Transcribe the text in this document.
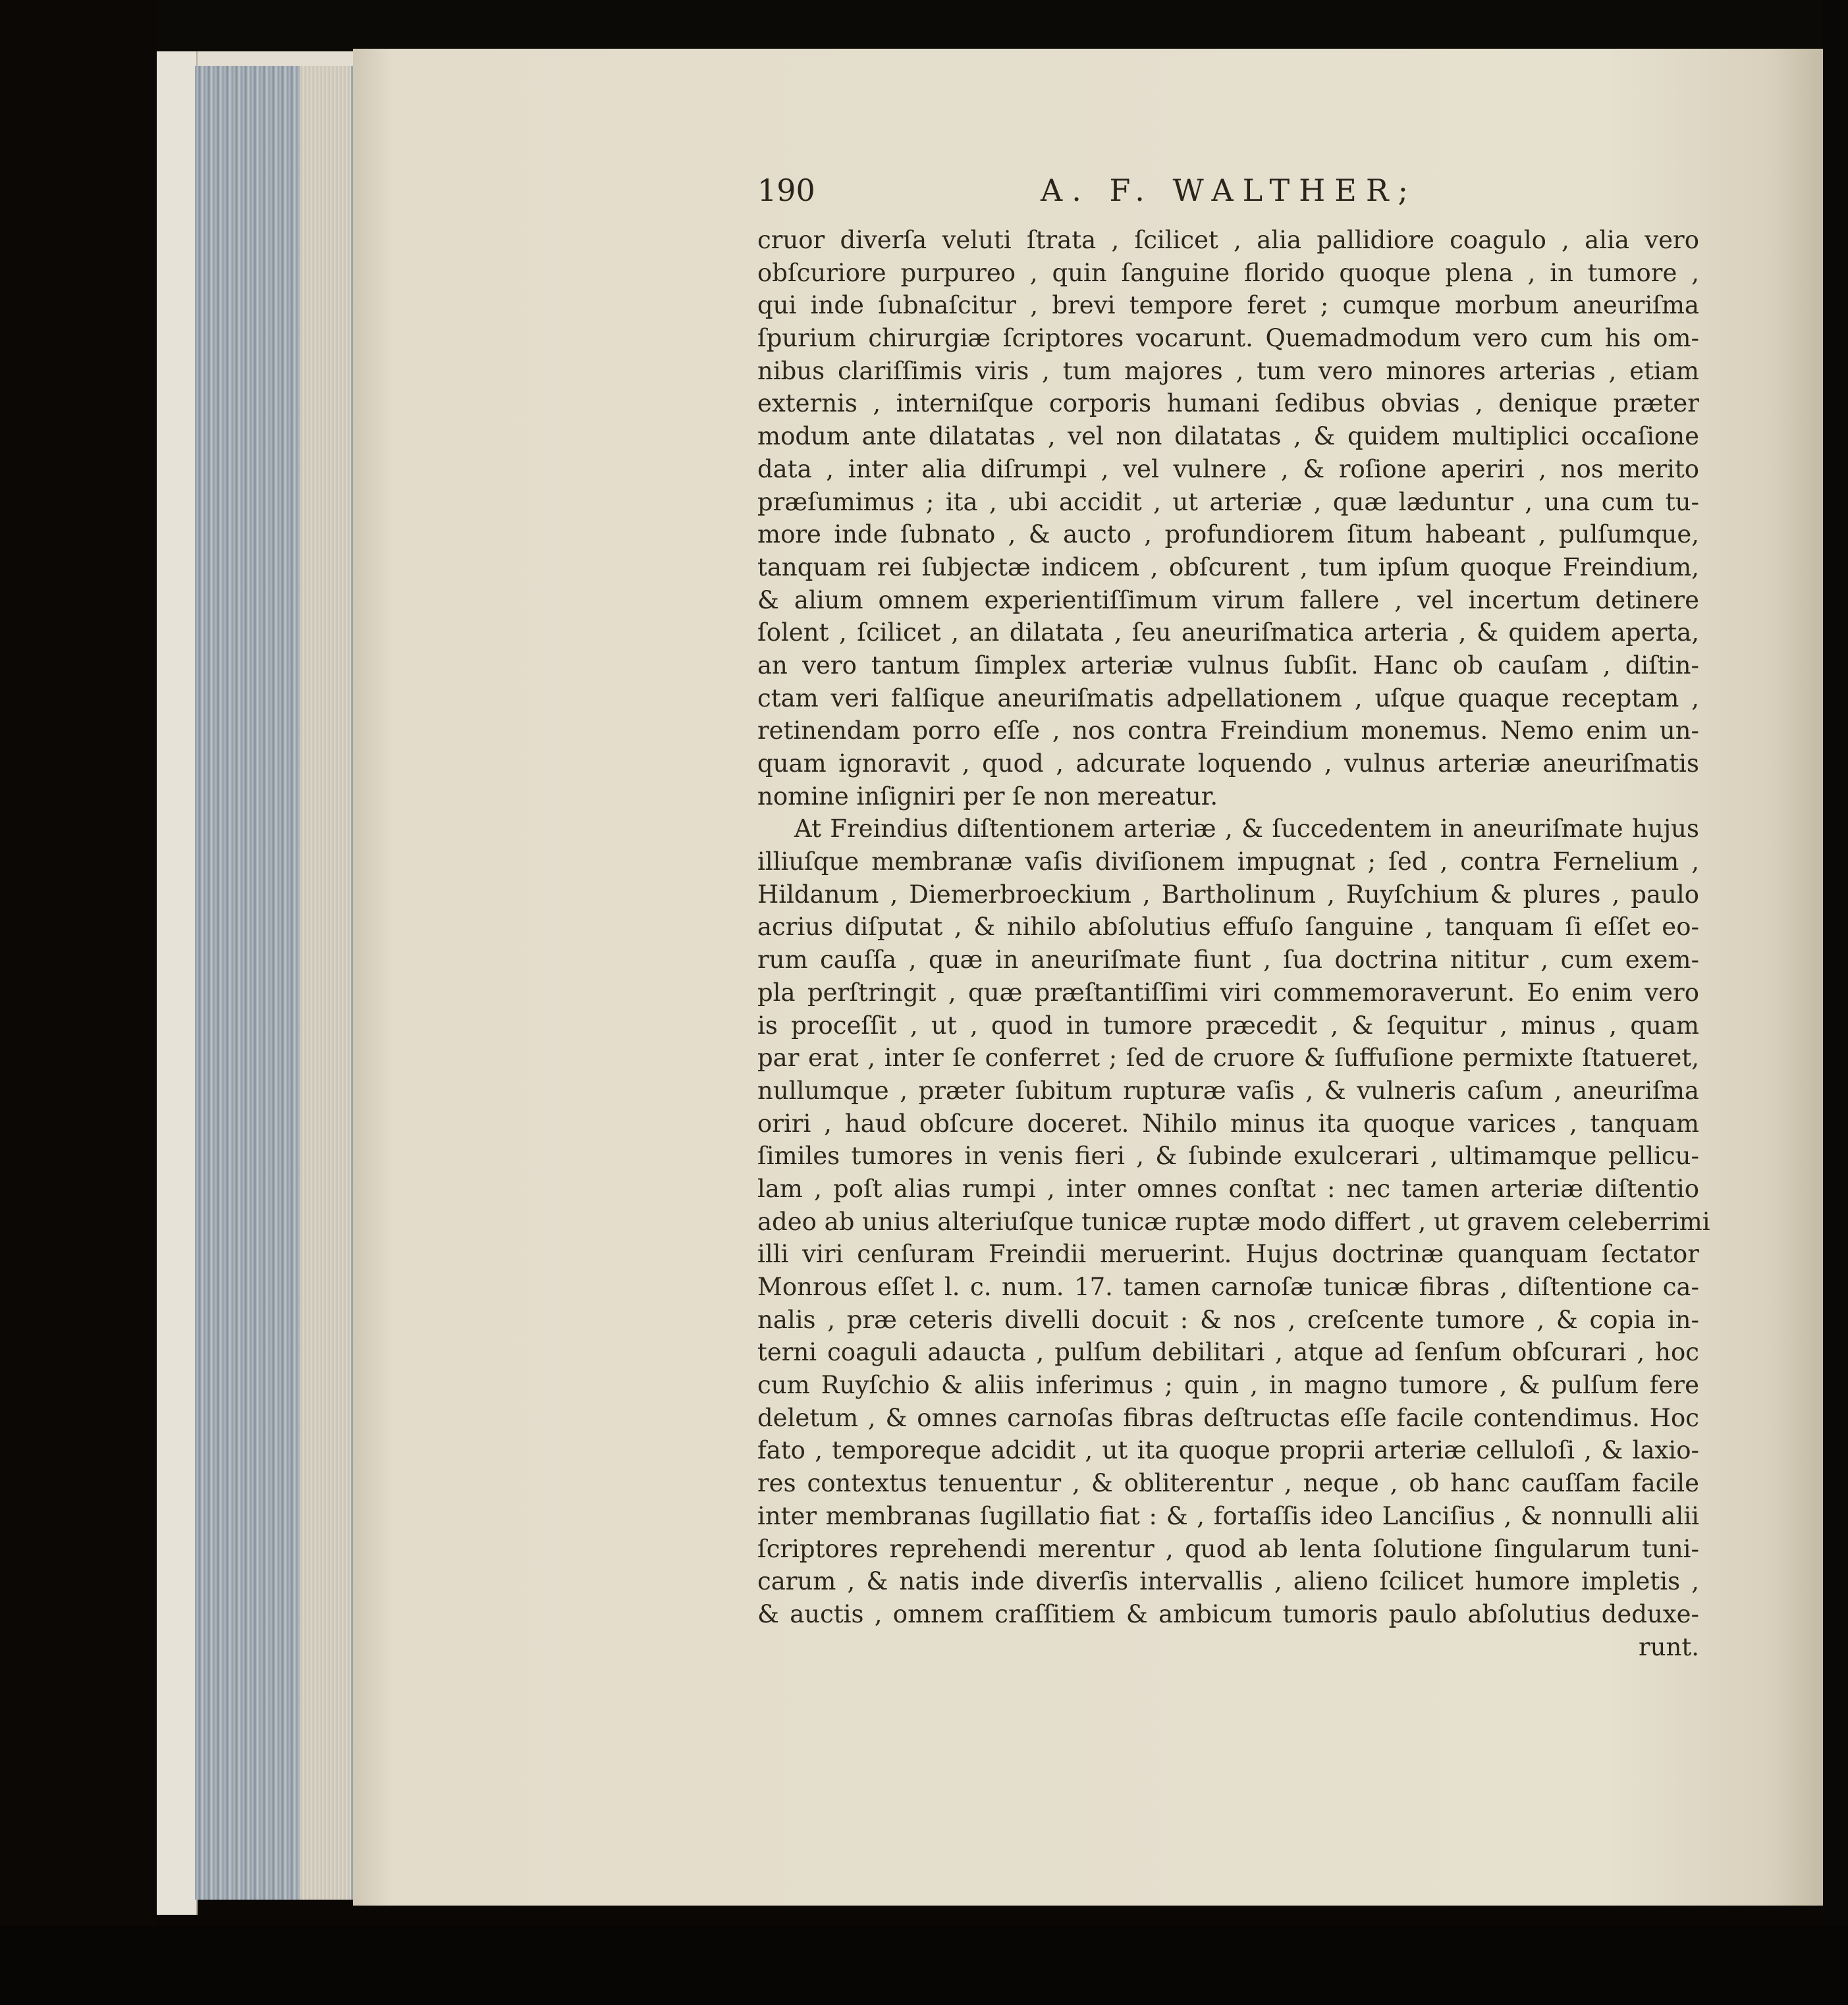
190	A. F. WALTHER;
cruor diverſa veluti ſtrata , ſcilicet , alia pallidiore coagulo , alia vero
obſcuriore purpureo , quin ſanguine florido quoque plena , in tumore ,
qui inde ſubnaſcitur , brevi tempore feret ; cumque morbum aneuriſma
ſpurium chirurgiæ ſcriptores vocarunt. Quemadmodum vero cum his om-
nibus clariſſimis viris , tum majores , tum vero minores arterias , etiam
externis , interniſque corporis humani ſedibus obvias , denique præter
modum ante dilatatas , vel non dilatatas , & quidem multiplici occaſione
data , inter alia diſrumpi , vel vulnere , & roſione aperiri , nos merito
præſumimus ; ita , ubi accidit , ut arteriæ , quæ læduntur , una cum tu-
more inde ſubnato , & aucto , profundiorem ſitum habeant , pulſumque,
tanquam rei ſubjectæ indicem , obſcurent , tum ipſum quoque Freindium,
& alium omnem experientiſſimum virum fallere , vel incertum detinere
ſolent , ſcilicet , an dilatata , ſeu aneuriſmatica arteria , & quidem aperta,
an vero tantum ſimplex arteriæ vulnus ſubſit. Hanc ob cauſam , diſtin-
ctam veri falſique aneuriſmatis adpellationem , uſque quaque receptam ,
retinendam porro eſſe , nos contra Freindium monemus. Nemo enim un-
quam ignoravit , quod , adcurate loquendo , vulnus arteriæ aneuriſmatis
nomine inſigniri per ſe non mereatur.
At Freindius diſtentionem arteriæ , & ſuccedentem in aneuriſmate hujus
illiuſque membranæ vaſis diviſionem impugnat ; ſed , contra Fernelium ,
Hildanum , Diemerbroeckium , Bartholinum , Ruyſchium & plures , paulo
acrius diſputat , & nihilo abſolutius effuſo ſanguine , tanquam ſi eſſet eo-
rum cauſſa , quæ in aneuriſmate fiunt , ſua doctrina nititur , cum exem-
pla perſtringit , quæ præſtantiſſimi viri commemoraverunt. Eo enim vero
is proceſſit , ut , quod in tumore præcedit , & ſequitur , minus , quam
par erat , inter ſe conferret ; ſed de cruore & ſuffuſione permixte ſtatueret,
nullumque , præter ſubitum rupturæ vaſis , & vulneris caſum , aneuriſma
oriri , haud obſcure doceret. Nihilo minus ita quoque varices , tanquam
ſimiles tumores in venis fieri , & ſubinde exulcerari , ultimamque pellicu-
lam , poſt alias rumpi , inter omnes conſtat : nec tamen arteriæ diſtentio
adeo ab unius alteriuſque tunicæ ruptæ modo differt , ut gravem celeberrimi
illi viri cenſuram Freindii meruerint. Hujus doctrinæ quanquam ſectator
Monrous eſſet l. c. num. 17. tamen carnoſæ tunicæ fibras , diſtentione ca-
nalis , præ ceteris divelli docuit : & nos , creſcente tumore , & copia in-
terni coaguli adaucta , pulſum debilitari , atque ad ſenſum obſcurari , hoc
cum Ruyſchio & aliis inferimus ; quin , in magno tumore , & pulſum fere
deletum , & omnes carnoſas fibras deſtructas eſſe facile contendimus. Hoc
fato , temporeque adcidit , ut ita quoque proprii arteriæ celluloſi , & laxio-
res contextus tenuentur , & obliterentur , neque , ob hanc cauſſam facile
inter membranas ſugillatio fiat : & , fortaſſis ideo Lanciſius , & nonnulli alii
ſcriptores reprehendi merentur , quod ab lenta ſolutione ſingularum tuni-
carum , & natis inde diverſis intervallis , alieno ſcilicet humore impletis ,
& auctis , omnem craſſitiem & ambicum tumoris paulo abſolutius deduxe-
runt.
